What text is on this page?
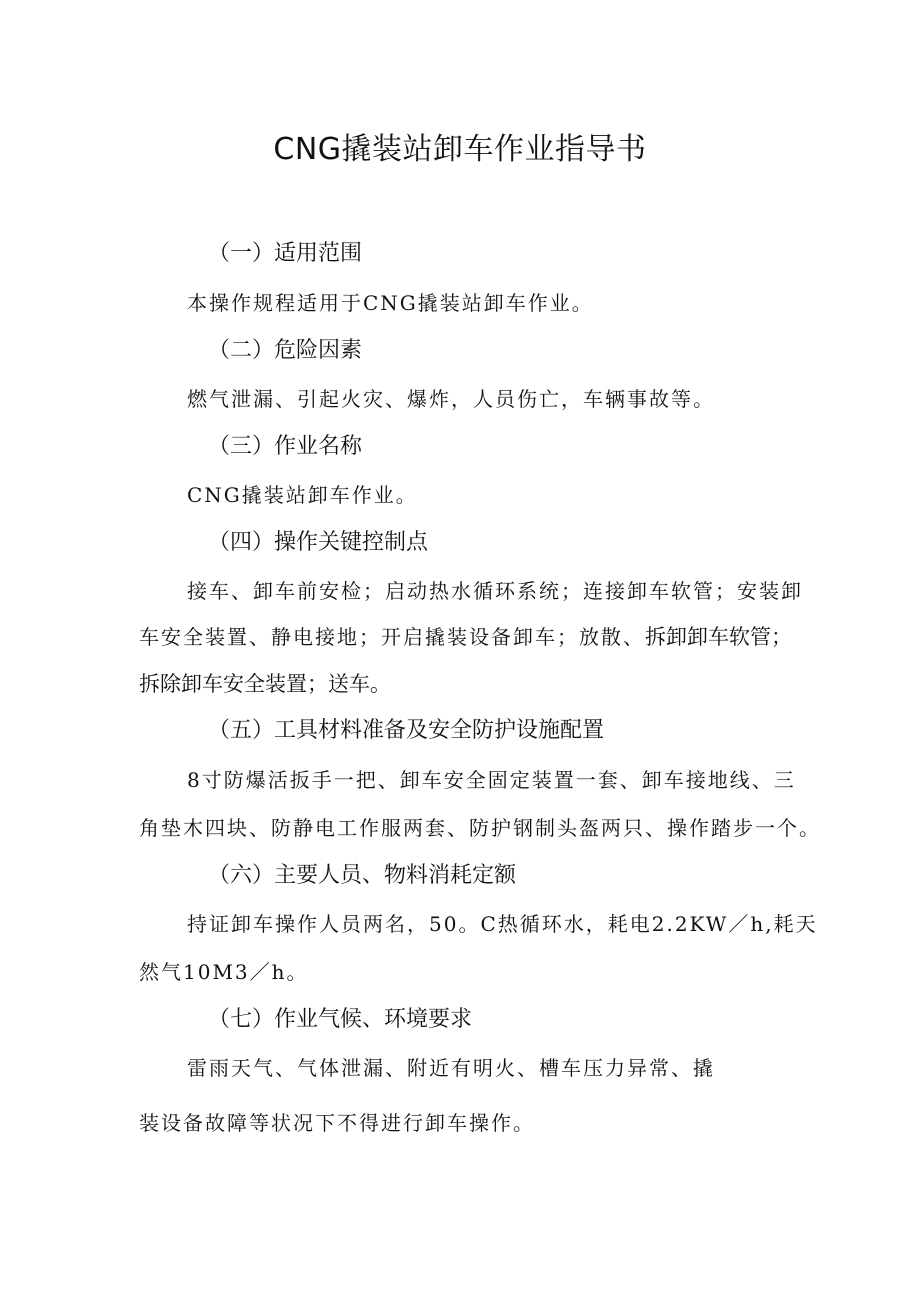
CNG撬装站卸车作业指导书
（一）适用范围
本操作规程适用于CNG撬装站卸车作业。
（二）危险因素
燃气泄漏、引起火灾、爆炸，人员伤亡，车辆事故等。
（三）作业名称
CNG撬装站卸车作业。
（四）操作关键控制点
接车、卸车前安检；启动热水循环系统；连接卸车软管；安装卸
车安全装置、静电接地；开启撬装设备卸车；放散、拆卸卸车软管；
拆除卸车安全装置；送车。
（五）工具材料准备及安全防护设施配置
8寸防爆活扳手一把、卸车安全固定装置一套、卸车接地线、三
角垫木四块、防静电工作服两套、防护钢制头盔两只、操作踏步一个。
（六）主要人员、物料消耗定额
持证卸车操作人员两名，50。C热循环水，耗电2.2KW／h,耗天
然气10M3／h。
（七）作业气候、环境要求
雷雨天气、气体泄漏、附近有明火、槽车压力异常、撬
装设备故障等状况下不得进行卸车操作。
